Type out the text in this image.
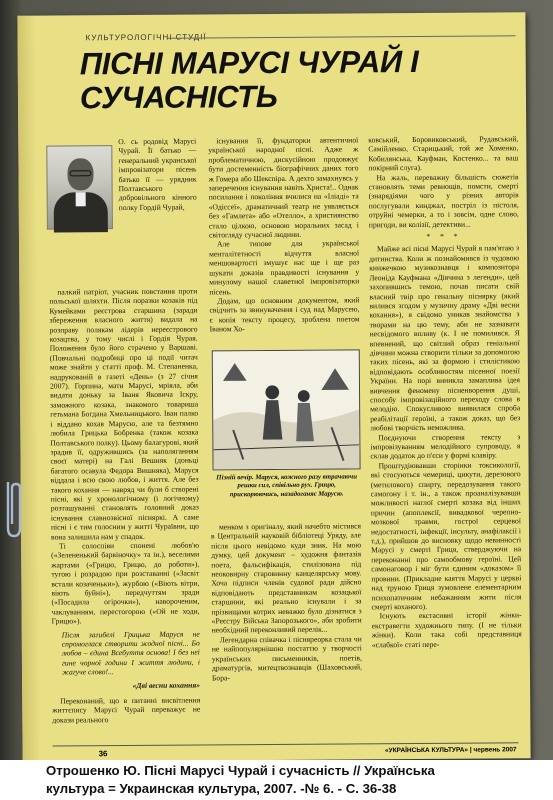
КУЛЬТУРОЛОГІЧНІ СТУДІЇ
ПІСНІ МАРУСІ ЧУРАЙ І СУЧАСНІСТЬ
О. сь родовід Марусі Чурай. Її батько — генеральний укранської імпровізатори пісень батько її — урядник Полтавського добровільного кінного полку Гордій Чурай,

палкий патріот, учасник повстання проти польської шляхти. Після поразки козаків під Кумейками реєстрова старшина (заради збереження власного життя) видала на розправу полякам лідерів нереєстрового козацтва, у тому числі і Гордія Чурая. Положення було його страчено у Варшаві. (Повчальні подробиці про ці події читач може знайти у статті проф. М. Степаненка, надрукованій в газеті «День» (з 27 січня 2007). Горпина, мати Марусі, мріяла, аби видати доньку за Іваня Яковича Іскру, заможного козака, знакомого товариша гетьмана Богдана Хмельницького. Іван палко і віддано кохав Марусю, але та безтямно любила Грицька Бобренка (також козака Полтавського полку). Цьому балагурові, який зрадив її, одружившись (за наполяганням своєї матері) на Галі Вешняк (доньці багатого осавула Федора Вишняка), Маруся віддала і всю свою любов, і життя. Але без такого кохання — навряд чи були б створені пісні, які у хронологічному (і логічному) розташуванні становлять головний доказ існування славнозвісної пісняркі. А саме пісні і є тим голосним у житті Чураївни, що вона залишила нам у спадок.

Ті солоспіви спонені любов'ю («Зелененький барвіночку» та ін.), веселими жартами («Грицю, Грицю, до роботи»), тугою і розрадою при розставанні («Засвіт встали козаченьки»), журбою («Віють вітри, віють буйні»), передчуттям зради («Посадила огірочки»), навороченим, чаклуванням, перестогорою («Ой не ходи, Грицю»).

Після загибелі Грицька Маруся не спромоглася створити жодної пісні... Бо любов – єдина Всебуття основа! І без неї гине чорної години І життя людини, і жагуче слово!...
«Дві весни кохання»

Переконаний, що в питанні висвітлення життєпису Марусі Чурай переважує не докази реального

існування її, фундаторки автентичної української народної пісні. Адже ж проблематичною, дискусійною продовжує бути достеменність біографічних даних того ж Гомера або Шекспіра. А дехто замахнувсь у заперечення існування навіть Христа!.. Однак посилання і покоління вчилися на «Іліаді» та «Одіссеї», драматичний театр не уявляється без «Гамлета» або «Отелло», а християнство стало цілкою, основою моральних засад і світогляду сучасної людини.

Але типове для української менталітетності відчуття власної меншовартості змушує нас ще і ще раз шукати доказів правдивості існування у минулому нашої славетної імпровізаторки пісень.

Додам, що основним документом, який свідчить за звинувачення і суд над Марусею, є копія тексту процесу, зроблена поетом Іваном Хо-

Пізній вечір. Маруся, кожного разу втрачаючи решки сил, співільно рух. Грицю, прискорюючись, назадоганяє Марусю.

менком з оригіналу, який начебто містився в Центральній науковій бібліотеці Уряду, але після цього невідомо куди зник. На мою думку, цей документ – художня фантазія поета, фальсифікація, стилізована під неоковирну старовинну канцелярську мову. Хоча підписи членів судової ради дійсно відповідають представникам козацької старшини, які реально існували і за прізвищами котрих неважко було дізнатися з «Реєстру Війська Запорозького», аби зробити необхідний переконливий перелік...

Легендарна співачка і пісняреорка стала чи не найпопулярнішою постаттю у творчості українських письменників, поетів, драматургів, митецтвознавців (Шаховський, Бора-

ковський, Боровиковський, Рудавський, Самійленко, Старицький, той же Хоменко, Кобилянська, Кауфман, Костенко... та ваш покірний слуга).

На жаль, переважну більшість сюжетів становлять теми ревнощів, помсти, смерті (знарядіями чого у різних авторів послугували кинджал, постріл із пістоля, отруйні чемерки, а то і зовсім, одне слово, пригоди, ви колізії, детективи...

* * *

Майже всі пісні Марусі Чурай я пам'ятаю з дитинства. Коли ж познайомився із чудовою книжечкою музикознавця і композитора Леоніда Кауфмана «Дівчина з легенди», цей захопившись темою, почав писати свій власний твір про генальну піснярку (який вилився згодом у музичну драму «Дві весни кохання»), я свідомо уникав знайомства з творами на цю тему, аби не зазнавати несвідомого впливу (к. І не помилився. Я впевнений, що світлий образ геніальної дівчини можна створити тільки за допомогою таких пісень, які за формою і стилістикою відповідають особливостям пісенної поезії України. На порі виникла замаплива ідея вивчення феномену пісненворення душі, способу імпровізаційного переходу слова в мелодію. Спокусливою виявилася спроба реабілітації героїні, а також доказ, що без любові творчість неможлива.

Поєднуючи створення тексту з імпровізуванням мелодійного супроводу, я склав додаток до п'єси у формі клавіру.

Проштудіювавши сторінки токсикології, які стосуються чемериці, цикути, дерезового (метилового) спирту, передозування такого самогону і т. ін., а також проаналізувавши можливості наглої смерті козака від інших причин (апоплексії, вивадкової черепно-мозкової травми, гострої серцевої недостатності, інфекції, інсульту, анафілаксії і т.д.), прийшов до висновку щодо невинності Марусі у смерті Гриця, стверджуючи на переконанні про самообмову героїні. Цей самонаговор і міг бути єдиним «доказом» її провини. (Прикладне каяття Марусі у церкві над труною Гриця зумовлене елементарним психопатичним небажанням жити після смерті коханого).

Існують екстасивні історії жінки-екстравегти художнього типу. (І не тільки жінки). Коли така собі представниця «слабкої» статі пере-

36	«УКРАЇНСЬКА КУЛЬТУРА» | червень 2007
Отрошенко Ю. Пісні Марусі Чурай і сучасність // Українська
культура = Украинская культура, 2007. -№ 6. - С. 36-38
